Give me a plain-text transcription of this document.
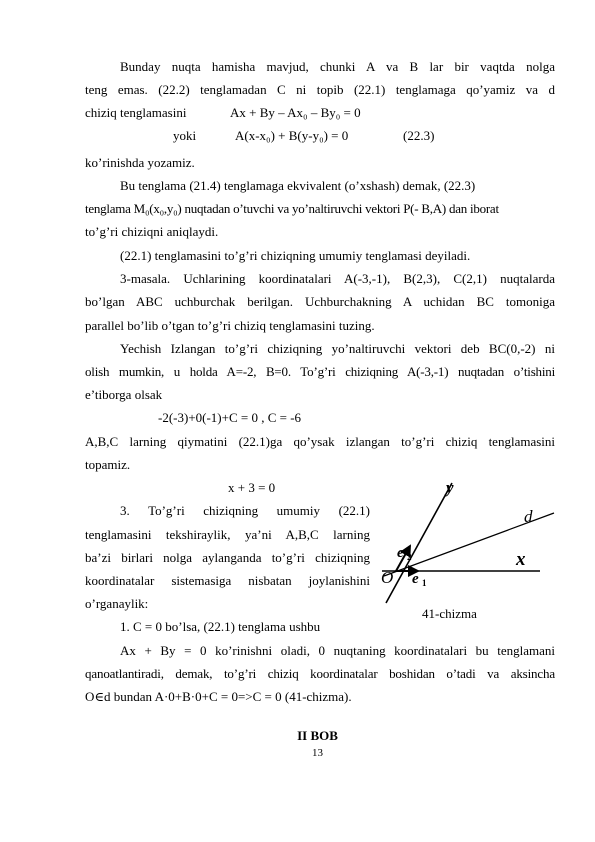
Bunday nuqta hamisha mavjud, chunki A va B lar bir vaqtda nolga
teng emas. (22.2) tenglamadan C ni topib (22.1) tenglamaga qo’yamiz va d
chiziq tenglamasini	Ax + By – Ax₀ – By₀ = 0
yoki	A(x-x₀) + B(y-y₀) = 0	(22.3)
ko’rinishda yozamiz.
Bu tenglama (21.4) tenglamaga ekvivalent (o’xshash) demak, (22.3)
tenglama M₀(x₀,y₀) nuqtadan o’tuvchi va yo’naltiruvchi vektori P(- B,A) dan iborat
to’g’ri chiziqni aniqlaydi.
(22.1) tenglamasini to’g’ri chiziqning umumiy tenglamasi deyiladi.
3-masala. Uchlarining koordinatalari A(-3,-1), B(2,3), C(2,1) nuqtalarda
bo’lgan ABC uchburchak berilgan. Uchburchakning A uchidan BC tomoniga
parallel bo’lib o’tgan to’g’ri chiziq tenglamasini tuzing.
Yechish Izlangan to’g’ri chiziqning yo’naltiruvchi vektori deb BC(0,-2) ni
olish mumkin, u holda A=-2, B=0. To’g’ri chiziqning A(-3,-1) nuqtadan o’tishini
e’tiborga olsak
-2(-3)+0(-1)+C = 0 , C = -6
A,B,C larning qiymatini (22.1)ga qo’ysak izlangan to’g’ri chiziq tenglamasini
topamiz.
x + 3 = 0
3. To’g’ri chiziqning umumiy (22.1)
tenglamasini tekshiraylik, ya’ni A,B,C larning
ba’zi birlari nolga aylanganda to’g’ri chiziqning
koordinatalar sistemasiga nisbatan joylanishini
o’rganaylik:
1. C = 0 bo’lsa, (22.1) tenglama ushbu
Ax + By = 0 ko’rinishni oladi, 0 nuqtaning koordinatalari bu tenglamani
qanoatlantiradi, demak, to’g’ri chiziq koordinatalar boshidan o’tadi va aksincha
O∈d bundan A·0+B·0+C = 0=>C = 0 (41-chizma).
II BOB
13
y
d
x
e 2
e 1
O
41-chizma
